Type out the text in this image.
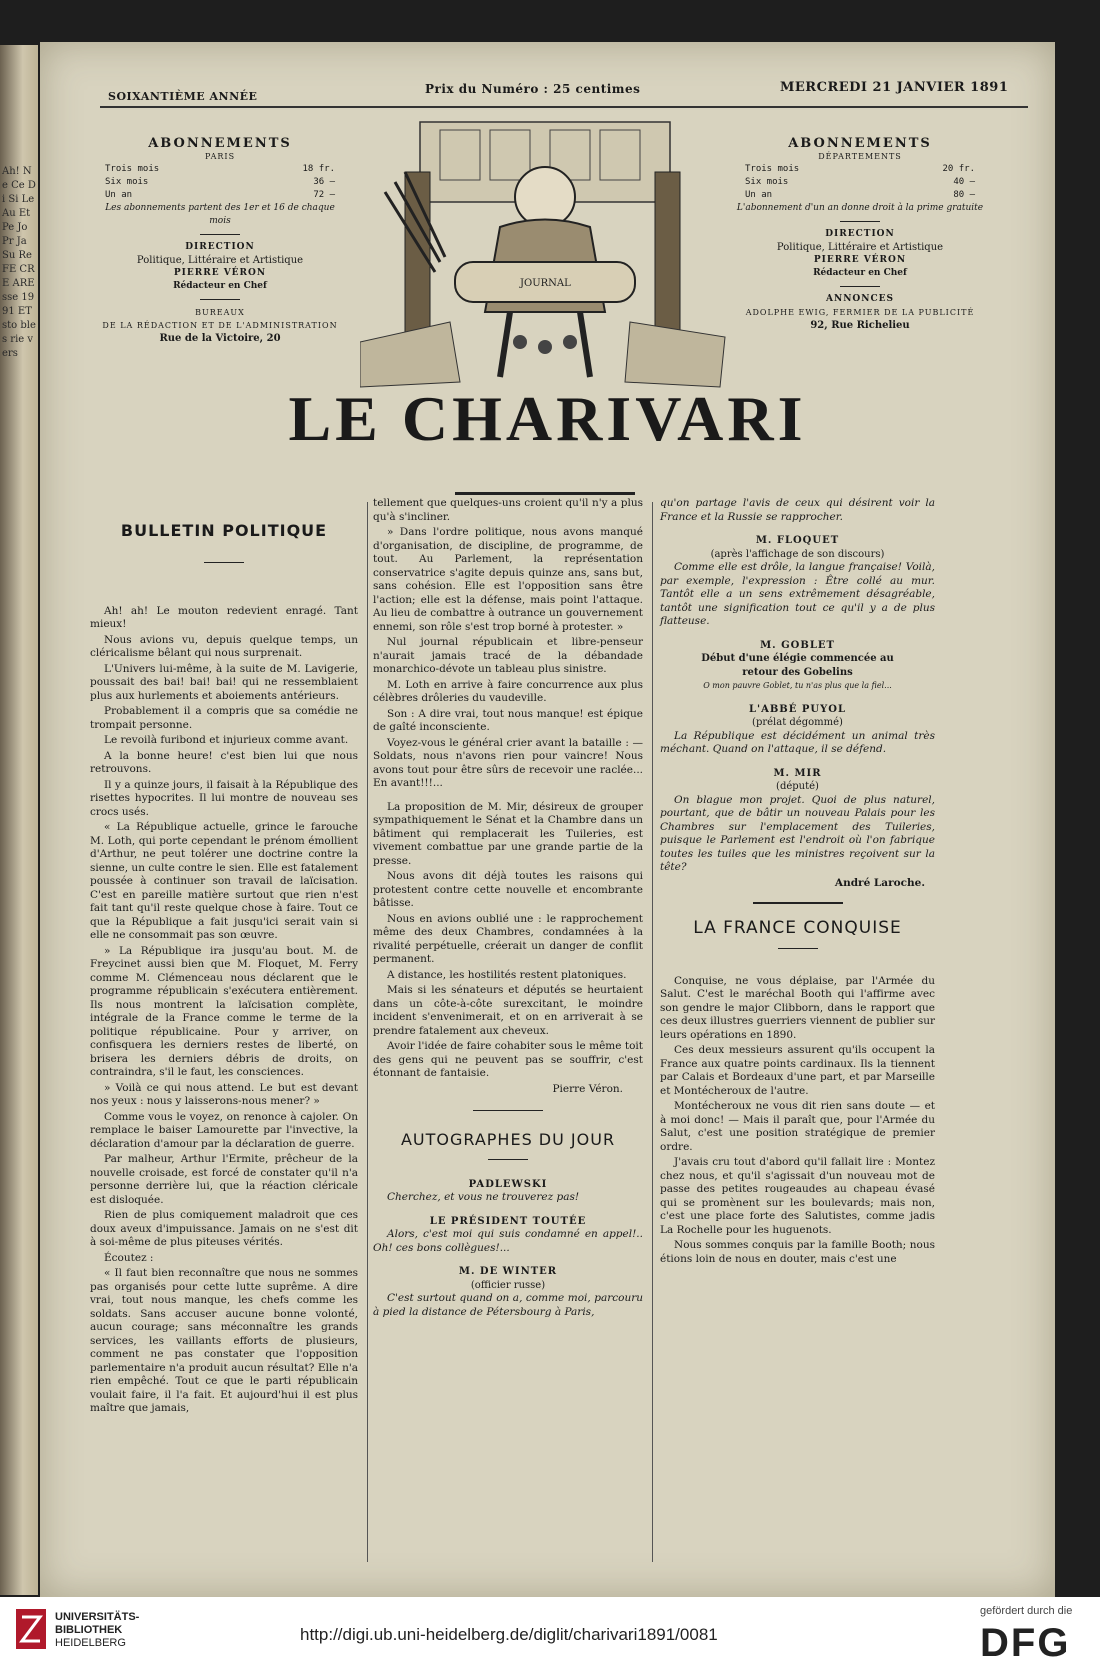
Ah! Ne Ce Di Si Le Au Et Pe Jo Pr Ja Su Re FE CRE ARE sse 1991 ET sto bles rie vers
SOIXANTIÈME ANNÉE
Prix du Numéro : 25 centimes	MERCREDI 21 JANVIER 1891
ABONNEMENTS
PARIS
Trois mois	18 fr.
Six mois	36 —
Un an	72 —
Les abonnements partent des 1er et 16 de chaque mois
DIRECTION
Politique, Littéraire et Artistique
PIERRE VÉRON
Rédacteur en Chef
BUREAUX
DE LA RÉDACTION ET DE L'ADMINISTRATION
Rue de la Victoire, 20
JOURNAL
ABONNEMENTS
DÉPARTEMENTS
Trois mois	20 fr.
Six mois	40 —
Un an	80 —
L'abonnement d'un an donne droit à la prime gratuite
DIRECTION
Politique, Littéraire et Artistique
PIERRE VÉRON
Rédacteur en Chef
ANNONCES
ADOLPHE EWIG, FERMIER DE LA PUBLICITÉ
92, Rue Richelieu
LE CHARIVARI
BULLETIN POLITIQUE

Ah! ah! Le mouton redevient enragé. Tant mieux!

Nous avions vu, depuis quelque temps, un cléricalisme bêlant qui nous surprenait.

L'Univers lui-même, à la suite de M. Lavigerie, poussait des bai! bai! bai! qui ne ressemblaient plus aux hurlements et aboiements antérieurs.

Probablement il a compris que sa comédie ne trompait personne.

Le revoilà furibond et injurieux comme avant.

A la bonne heure! c'est bien lui que nous retrouvons.

Il y a quinze jours, il faisait à la République des risettes hypocrites. Il lui montre de nouveau ses crocs usés.

« La République actuelle, grince le farouche M. Loth, qui porte cependant le prénom émollient d'Arthur, ne peut tolérer une doctrine contre la sienne, un culte contre le sien. Elle est fatalement poussée à continuer son travail de laïcisation. C'est en pareille matière surtout que rien n'est fait tant qu'il reste quelque chose à faire. Tout ce que la République a fait jusqu'ici serait vain si elle ne consommait pas son œuvre.

» La République ira jusqu'au bout. M. de Freycinet aussi bien que M. Floquet, M. Ferry comme M. Clémenceau nous déclarent que le programme républicain s'exécutera entièrement. Ils nous montrent la laïcisation complète, intégrale de la France comme le terme de la politique républicaine. Pour y arriver, on confisquera les derniers restes de liberté, on brisera les derniers débris de droits, on contraindra, s'il le faut, les consciences.

» Voilà ce qui nous attend. Le but est devant nos yeux : nous y laisserons-nous mener? »

Comme vous le voyez, on renonce à cajoler. On remplace le baiser Lamourette par l'invective, la déclaration d'amour par la déclaration de guerre.

Par malheur, Arthur l'Ermite, prêcheur de la nouvelle croisade, est forcé de constater qu'il n'a personne derrière lui, que la réaction cléricale est disloquée.

Rien de plus comiquement maladroit que ces doux aveux d'impuissance. Jamais on ne s'est dit à soi-même de plus piteuses vérités.

Écoutez :

« Il faut bien reconnaître que nous ne sommes pas organisés pour cette lutte suprême. A dire vrai, tout nous manque, les chefs comme les soldats. Sans accuser aucune bonne volonté, aucun courage; sans méconnaître les grands services, les vaillants efforts de plusieurs, comment ne pas constater que l'opposition parlementaire n'a produit aucun résultat? Elle n'a rien empêché. Tout ce que le parti républicain voulait faire, il l'a fait. Et aujourd'hui il est plus maître que jamais,

tellement que quelques-uns croient qu'il n'y a plus qu'à s'incliner.

» Dans l'ordre politique, nous avons manqué d'organisation, de discipline, de programme, de tout. Au Parlement, la représentation conservatrice s'agite depuis quinze ans, sans but, sans cohésion. Elle est l'opposition sans être l'action; elle est la défense, mais point l'attaque. Au lieu de combattre à outrance un gouvernement ennemi, son rôle s'est trop borné à protester. »

Nul journal républicain et libre-penseur n'aurait jamais tracé de la débandade monarchico-dévote un tableau plus sinistre.

M. Loth en arrive à faire concurrence aux plus célèbres drôleries du vaudeville.

Son : A dire vrai, tout nous manque! est épique de gaîté inconsciente.

Voyez-vous le général crier avant la bataille : — Soldats, nous n'avons rien pour vaincre! Nous avons tout pour être sûrs de recevoir une raclée... En avant!!!...

La proposition de M. Mir, désireux de grouper sympathiquement le Sénat et la Chambre dans un bâtiment qui remplacerait les Tuileries, est vivement combattue par une grande partie de la presse.

Nous avons dit déjà toutes les raisons qui protestent contre cette nouvelle et encombrante bâtisse.

Nous en avions oublié une : le rapprochement même des deux Chambres, condamnées à la rivalité perpétuelle, créerait un danger de conflit permanent.

A distance, les hostilités restent platoniques.

Mais si les sénateurs et députés se heurtaient dans un côte-à-côte surexcitant, le moindre incident s'envenimerait, et on en arriverait à se prendre fatalement aux cheveux.

Avoir l'idée de faire cohabiter sous le même toit des gens qui ne peuvent pas se souffrir, c'est étonnant de fantaisie.

Pierre Véron.

AUTOGRAPHES DU JOUR
PADLEWSKI

Cherchez, et vous ne trouverez pas!

LE PRÉSIDENT TOUTÉE

Alors, c'est moi qui suis condamné en appel!.. Oh! ces bons collègues!...

M. DE WINTER
(officier russe)

C'est surtout quand on a, comme moi, parcouru à pied la distance de Pétersbourg à Paris,

qu'on partage l'avis de ceux qui désirent voir la France et la Russie se rapprocher.

M. FLOQUET
(après l'affichage de son discours)

Comme elle est drôle, la langue française! Voilà, par exemple, l'expression : Être collé au mur. Tantôt elle a un sens extrêmement désagréable, tantôt une signification tout ce qu'il y a de plus flatteuse.

M. GOBLET
Début d'une élégie commencée au retour des Gobelins

O mon pauvre Goblet, tu n'as plus que la fiel...

L'ABBÉ PUYOL
(prélat dégommé)

La République est décidément un animal très méchant. Quand on l'attaque, il se défend.

M. MIR
(député)

On blague mon projet. Quoi de plus naturel, pourtant, que de bâtir un nouveau Palais pour les Chambres sur l'emplacement des Tuileries, puisque le Parlement est l'endroit où l'on fabrique toutes les tuiles que les ministres reçoivent sur la tête?

André Laroche.

LA FRANCE CONQUISE

Conquise, ne vous déplaise, par l'Armée du Salut. C'est le maréchal Booth qui l'affirme avec son gendre le major Clibborn, dans le rapport que ces deux illustres guerriers viennent de publier sur leurs opérations en 1890.

Ces deux messieurs assurent qu'ils occupent la France aux quatre points cardinaux. Ils la tiennent par Calais et Bordeaux d'une part, et par Marseille et Montécheroux de l'autre.

Montécheroux ne vous dit rien sans doute — et à moi donc! — Mais il paraît que, pour l'Armée du Salut, c'est une position stratégique de premier ordre.

J'avais cru tout d'abord qu'il fallait lire : Montez chez nous, et qu'il s'agissait d'un nouveau mot de passe des petites rougeaudes au chapeau évasé qui se promènent sur les boulevards; mais non, c'est une place forte des Salutistes, comme jadis La Rochelle pour les huguenots.

Nous sommes conquis par la famille Booth; nous étions loin de nous en douter, mais c'est une

UNIVERSITÄTS-
BIBLIOTHEK
HEIDELBERG	http://digi.ub.uni-heidelberg.de/diglit/charivari1891/0081
gefördert durch die
DFG
